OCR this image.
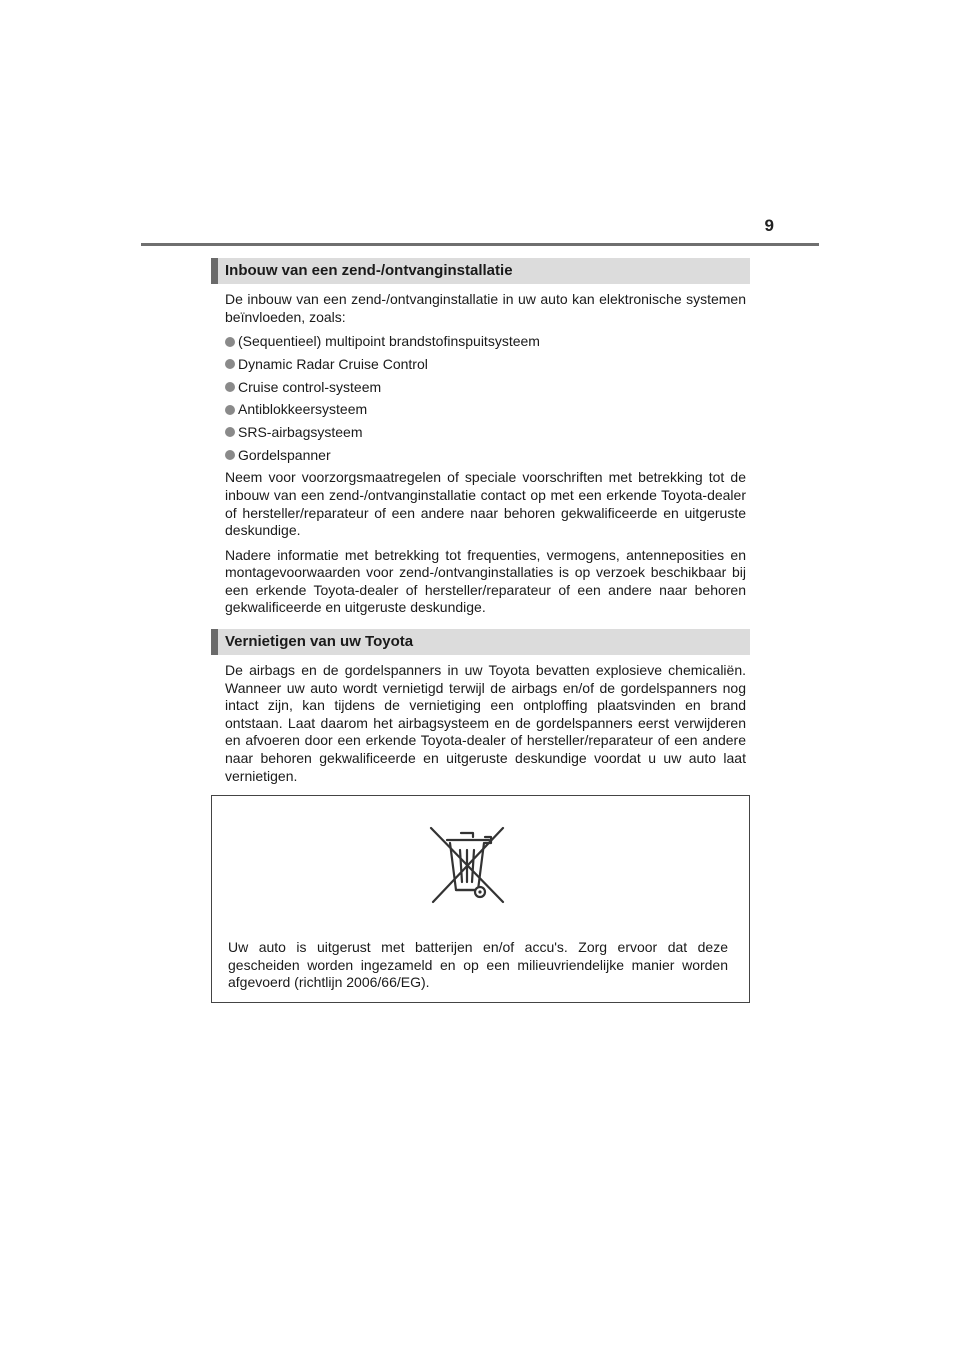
9
Inbouw van een zend-/ontvanginstallatie

De inbouw van een zend-/ontvanginstallatie in uw auto kan elektronische systemen beïnvloeden, zoals:

(Sequentieel) multipoint brandstofinspuitsysteem
Dynamic Radar Cruise Control
Cruise control-systeem
Antiblokkeersysteem
SRS-airbagsysteem
Gordelspanner

Neem voor voorzorgsmaatregelen of speciale voorschriften met betrekking tot de inbouw van een zend-/ontvanginstallatie contact op met een erkende Toyota-dealer of hersteller/reparateur of een andere naar behoren gekwalificeerde en uitgeruste deskundige.

Nadere informatie met betrekking tot frequenties, vermogens, antenneposities en montagevoorwaarden voor zend-/ontvanginstallaties is op verzoek beschikbaar bij een erkende Toyota-dealer of hersteller/reparateur of een andere naar behoren gekwalificeerde en uitgeruste deskundige.

Vernietigen van uw Toyota

De airbags en de gordelspanners in uw Toyota bevatten explosieve chemicaliën. Wanneer uw auto wordt vernietigd terwijl de airbags en/of de gordelspanners nog intact zijn, kan tijdens de vernietiging een ontploffing plaatsvinden en brand ontstaan. Laat daarom het airbagsysteem en de gordelspanners eerst verwijderen en afvoeren door een erkende Toyota-dealer of hersteller/reparateur of een andere naar behoren gekwalificeerde en uitgeruste deskundige voordat u uw auto laat vernietigen.

Uw auto is uitgerust met batterijen en/of accu's. Zorg ervoor dat deze gescheiden worden ingezameld en op een milieuvriendelijke manier worden afgevoerd (richtlijn 2006/66/EG).
